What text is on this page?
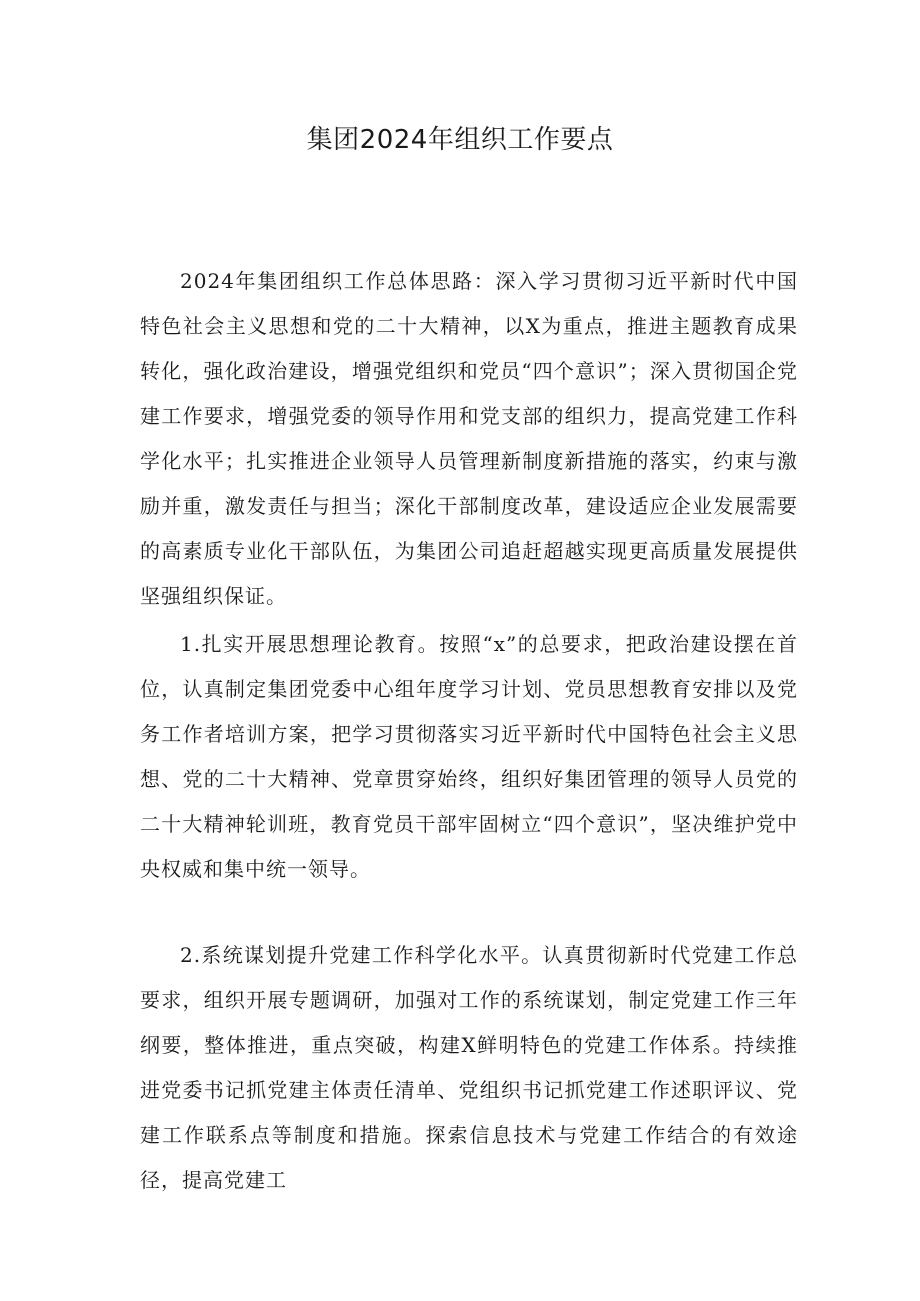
集团2024年组织工作要点

2024年集团组织工作总体思路：深入学习贯彻习近平新时代中国特色社会主义思想和党的二十大精神，以X为重点，推进主题教育成果转化，强化政治建设，增强党组织和党员“四个意识”；深入贯彻国企党建工作要求，增强党委的领导作用和党支部的组织力，提高党建工作科学化水平；扎实推进企业领导人员管理新制度新措施的落实，约束与激励并重，激发责任与担当；深化干部制度改革，建设适应企业发展需要的高素质专业化干部队伍，为集团公司追赶超越实现更高质量发展提供坚强组织保证。

1.扎实开展思想理论教育。按照“x”的总要求，把政治建设摆在首位，认真制定集团党委中心组年度学习计划、党员思想教育安排以及党务工作者培训方案，把学习贯彻落实习近平新时代中国特色社会主义思想、党的二十大精神、党章贯穿始终，组织好集团管理的领导人员党的二十大精神轮训班，教育党员干部牢固树立“四个意识”，坚决维护党中央权威和集中统一领导。

2.系统谋划提升党建工作科学化水平。认真贯彻新时代党建工作总要求，组织开展专题调研，加强对工作的系统谋划，制定党建工作三年纲要，整体推进，重点突破，构建X鲜明特色的党建工作体系。持续推进党委书记抓党建主体责任清单、党组织书记抓党建工作述职评议、党建工作联系点等制度和措施。探索信息技术与党建工作结合的有效途径，提高党建工
